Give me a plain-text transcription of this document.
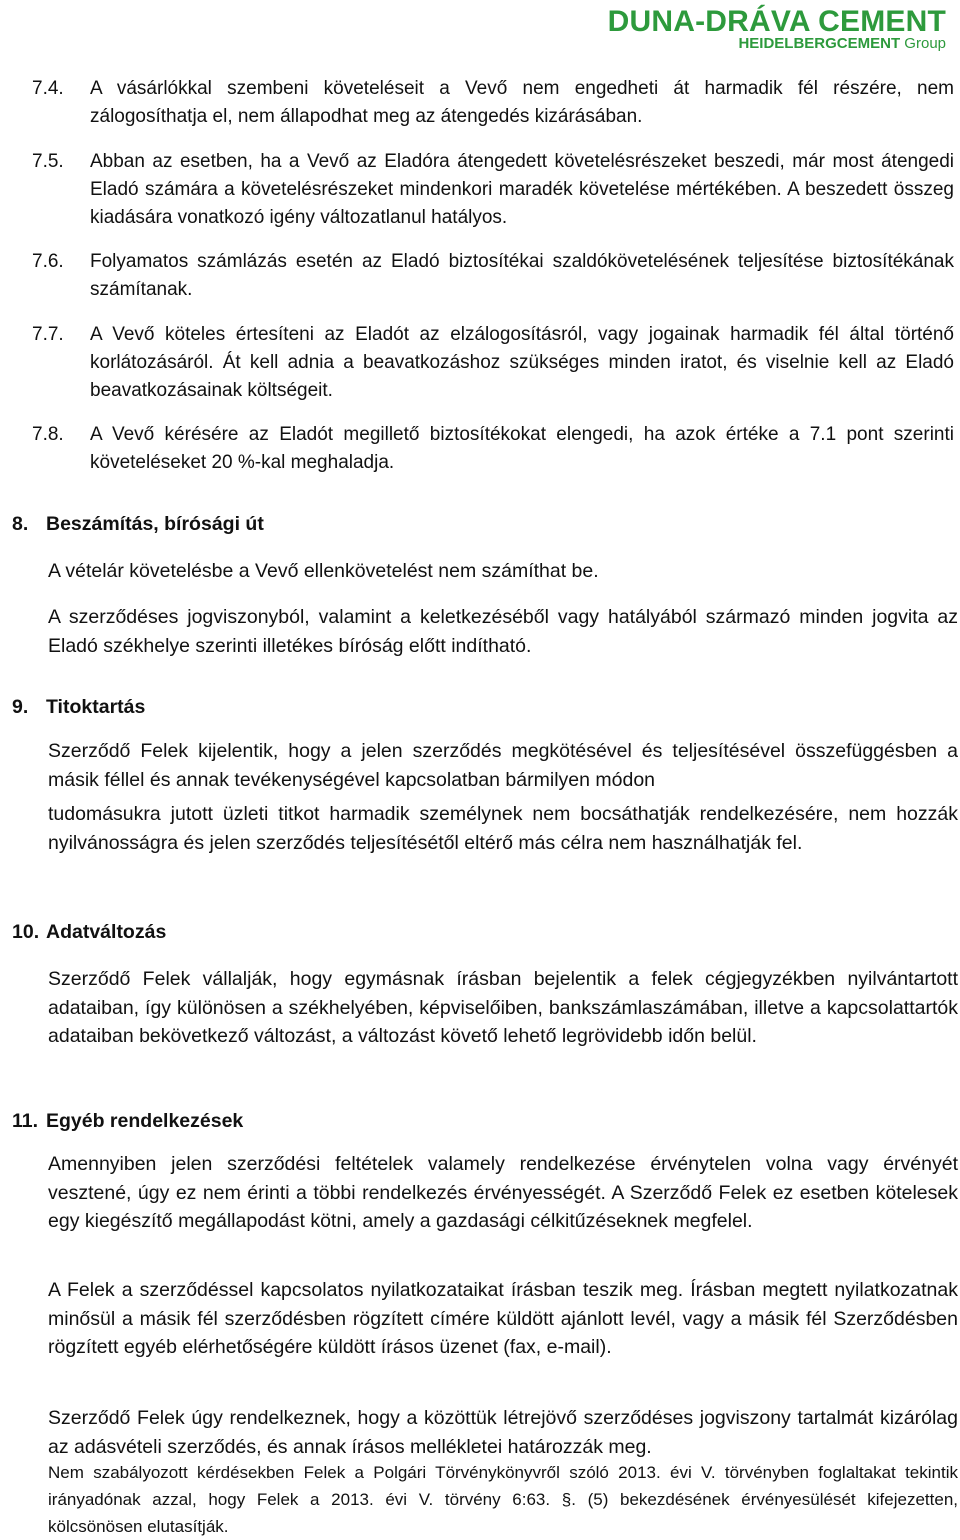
DUNA-DRÁVA CEMENT
HEIDELBERGCEMENT Group
7.4. A vásárlókkal szembeni követeléseit a Vevő nem engedheti át harmadik fél részére, nem zálogosíthatja el, nem állapodhat meg az átengedés kizárásában.
7.5. Abban az esetben, ha a Vevő az Eladóra átengedett követelésrészeket beszedi, már most átengedi Eladó számára a követelésrészeket mindenkori maradék követelése mértékében. A beszedett összeg kiadására vonatkozó igény változatlanul hatályos.
7.6. Folyamatos számlázás esetén az Eladó biztosítékai szaldókövetelésének teljesítése biztosítékának számítanak.
7.7. A Vevő köteles értesíteni az Eladót az elzálogosításról, vagy jogainak harmadik fél által történő korlátozásáról. Át kell adnia a beavatkozáshoz szükséges minden iratot, és viselnie kell az Eladó beavatkozásainak költségeit.
7.8. A Vevő kérésére az Eladót megillető biztosítékokat elengedi, ha azok értéke a 7.1 pont szerinti követeléseket 20 %-kal meghaladja.
8. Beszámítás, bírósági út
A vételár követelésbe a Vevő ellenkövetelést nem számíthat be.
A szerződéses jogviszonyból, valamint a keletkezéséből vagy hatályából származó minden jogvita az Eladó székhelye szerinti illetékes bíróság előtt indítható.
9. Titoktartás
Szerződő Felek kijelentik, hogy a jelen szerződés megkötésével és teljesítésével összefüggésben a másik féllel és annak tevékenységével kapcsolatban bármilyen módon
tudomásukra jutott üzleti titkot harmadik személynek nem bocsáthatják rendelkezésére, nem hozzák nyilvánosságra és jelen szerződés teljesítésétől eltérő más célra nem használhatják fel.
10. Adatváltozás
Szerződő Felek vállalják, hogy egymásnak írásban bejelentik a felek cégjegyzékben nyilvántartott adataiban, így különösen a székhelyében, képviselőiben, bankszámlaszámában, illetve a kapcsolattartók adataiban bekövetkező változást, a változást követő lehető legrövidebb időn belül.
11. Egyéb rendelkezések
Amennyiben jelen szerződési feltételek valamely rendelkezése érvénytelen volna vagy érvényét vesztené, úgy ez nem érinti a többi rendelkezés érvényességét. A Szerződő Felek ez esetben kötelesek egy kiegészítő megállapodást kötni, amely a gazdasági célkitűzéseknek megfelel.
A Felek a szerződéssel kapcsolatos nyilatkozataikat írásban teszik meg. Írásban megtett nyilatkozatnak minősül a másik fél szerződésben rögzített címére küldött ajánlott levél, vagy a másik fél Szerződésben rögzített egyéb elérhetőségére küldött írásos üzenet (fax, e-mail).
Szerződő Felek úgy rendelkeznek, hogy a közöttük létrejövő szerződéses jogviszony tartalmát kizárólag az adásvételi szerződés, és annak írásos mellékletei határozzák meg.
Nem szabályozott kérdésekben Felek a Polgári Törvénykönyvről szóló 2013. évi V. törvényben foglaltakat tekintik irányadónak azzal, hogy Felek a 2013. évi V. törvény 6:63. §. (5) bekezdésének érvényesülését kifejezetten, kölcsönösen elutasítják.
